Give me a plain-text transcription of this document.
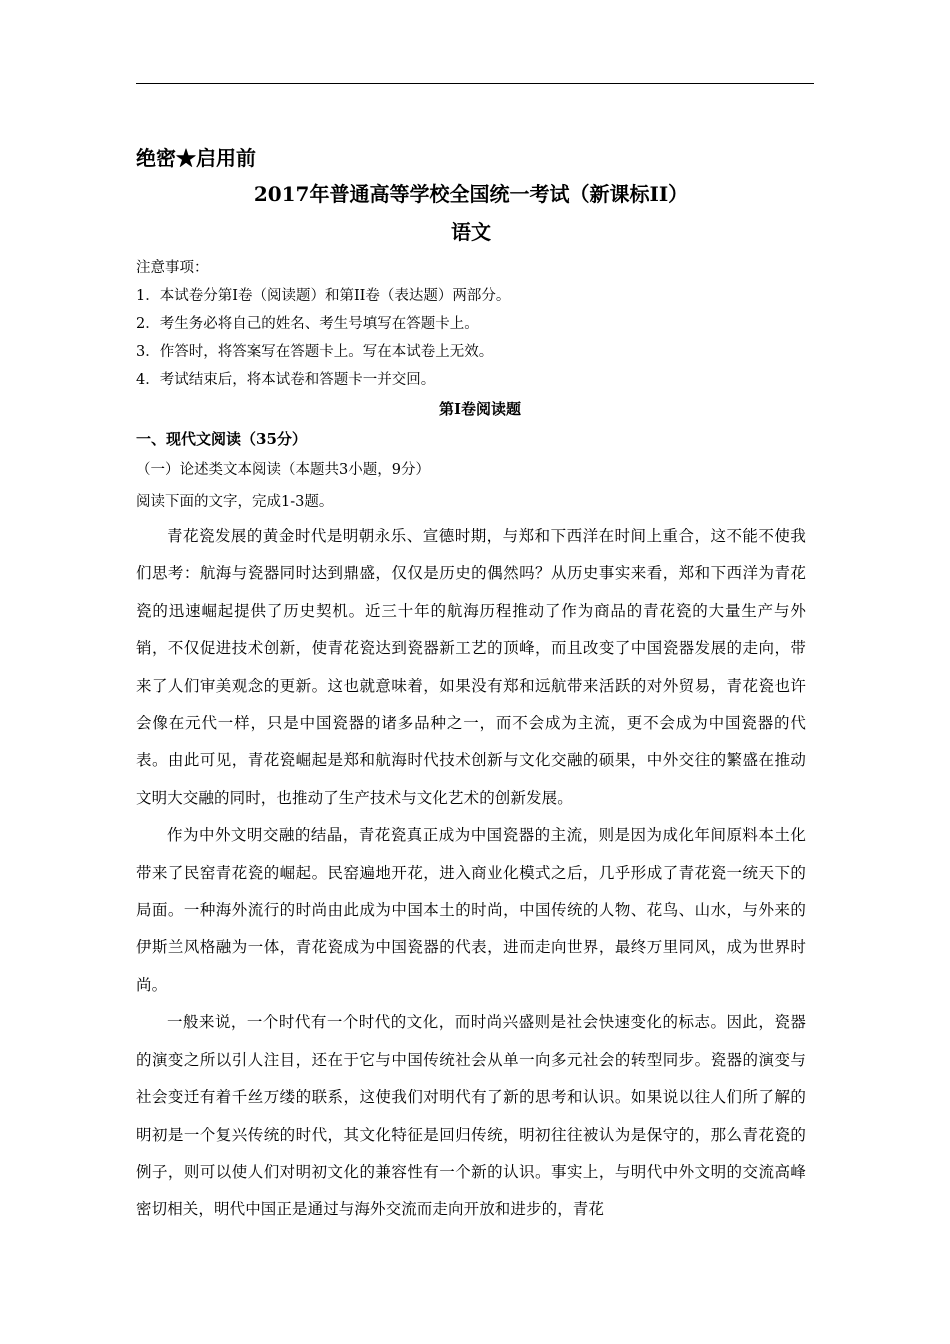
绝密★启用前

2017年普通高等学校全国统一考试（新课标II）

语文

注意事项：

1．本试卷分第Ⅰ卷（阅读题）和第II卷（表达题）两部分。

2．考生务必将自己的姓名、考生号填写在答题卡上。

3．作答时，将答案写在答题卡上。写在本试卷上无效。

4．考试结束后，将本试卷和答题卡一并交回。

第Ⅰ卷阅读题

一、现代文阅读（35分）

（一）论述类文本阅读（本题共3小题，9分）

阅读下面的文字，完成1-3题。

青花瓷发展的黄金时代是明朝永乐、宣德时期，与郑和下西洋在时间上重合，这不能不使我们思考：航海与瓷器同时达到鼎盛，仅仅是历史的偶然吗？从历史事实来看，郑和下西洋为青花瓷的迅速崛起提供了历史契机。近三十年的航海历程推动了作为商品的青花瓷的大量生产与外销，不仅促进技术创新，使青花瓷达到瓷器新工艺的顶峰，而且改变了中国瓷器发展的走向，带来了人们审美观念的更新。这也就意味着，如果没有郑和远航带来活跃的对外贸易，青花瓷也许会像在元代一样，只是中国瓷器的诸多品种之一，而不会成为主流，更不会成为中国瓷器的代表。由此可见，青花瓷崛起是郑和航海时代技术创新与文化交融的硕果，中外交往的繁盛在推动文明大交融的同时，也推动了生产技术与文化艺术的创新发展。

作为中外文明交融的结晶，青花瓷真正成为中国瓷器的主流，则是因为成化年间原料本土化带来了民窑青花瓷的崛起。民窑遍地开花，进入商业化模式之后，几乎形成了青花瓷一统天下的局面。一种海外流行的时尚由此成为中国本土的时尚，中国传统的人物、花鸟、山水，与外来的伊斯兰风格融为一体，青花瓷成为中国瓷器的代表，进而走向世界，最终万里同风，成为世界时尚。

一般来说，一个时代有一个时代的文化，而时尚兴盛则是社会快速变化的标志。因此，瓷器的演变之所以引人注目，还在于它与中国传统社会从单一向多元社会的转型同步。瓷器的演变与社会变迁有着千丝万缕的联系，这使我们对明代有了新的思考和认识。如果说以往人们所了解的明初是一个复兴传统的时代，其文化特征是回归传统，明初往往被认为是保守的，那么青花瓷的例子，则可以使人们对明初文化的兼容性有一个新的认识。事实上，与明代中外文明的交流高峰密切相关，明代中国正是通过与海外交流而走向开放和进步的，青花
